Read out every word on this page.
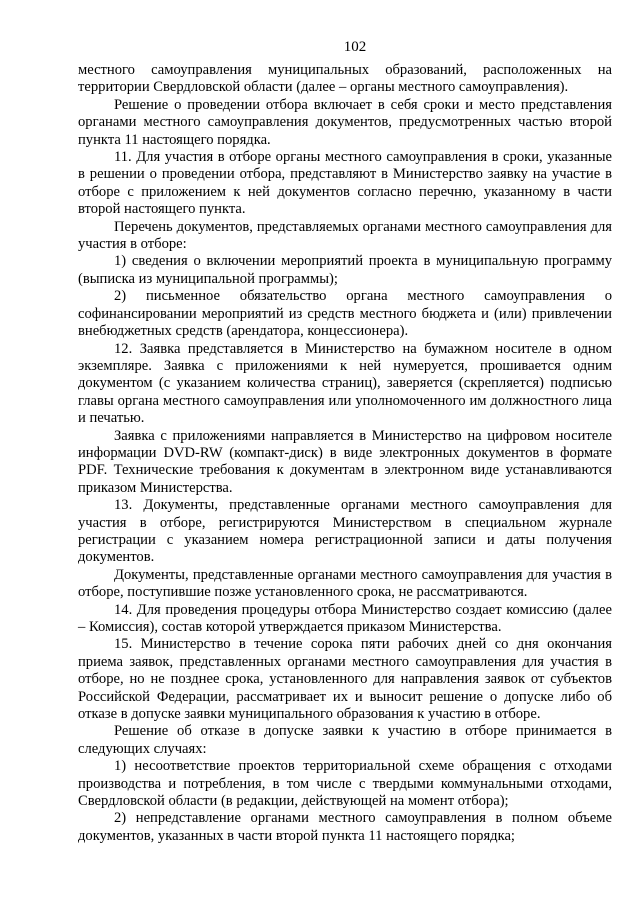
102

местного самоуправления муниципальных образований, расположенных на территории Свердловской области (далее – органы местного самоуправления).

Решение о проведении отбора включает в себя сроки и место представления органами местного самоуправления документов, предусмотренных частью второй пункта 11 настоящего порядка.

11. Для участия в отборе органы местного самоуправления в сроки, указанные в решении о проведении отбора, представляют в Министерство заявку на участие в отборе с приложением к ней документов согласно перечню, указанному в части второй настоящего пункта.

Перечень документов, представляемых органами местного самоуправления для участия в отборе:

1) сведения о включении мероприятий проекта в муниципальную программу (выписка из муниципальной программы);

2) письменное обязательство органа местного самоуправления о софинансировании мероприятий из средств местного бюджета и (или) привлечении внебюджетных средств (арендатора, концессионера).

12. Заявка представляется в Министерство на бумажном носителе в одном экземпляре. Заявка с приложениями к ней нумеруется, прошивается одним документом (с указанием количества страниц), заверяется (скрепляется) подписью главы органа местного самоуправления или уполномоченного им должностного лица и печатью.

Заявка с приложениями направляется в Министерство на цифровом носителе информации DVD-RW (компакт-диск) в виде электронных документов в формате PDF. Технические требования к документам в электронном виде устанавливаются приказом Министерства.

13. Документы, представленные органами местного самоуправления для участия в отборе, регистрируются Министерством в специальном журнале регистрации с указанием номера регистрационной записи и даты получения документов.

Документы, представленные органами местного самоуправления для участия в отборе, поступившие позже установленного срока, не рассматриваются.

14. Для проведения процедуры отбора Министерство создает комиссию (далее – Комиссия), состав которой утверждается приказом Министерства.

15. Министерство в течение сорока пяти рабочих дней со дня окончания приема заявок, представленных органами местного самоуправления для участия в отборе, но не позднее срока, установленного для направления заявок от субъектов Российской Федерации, рассматривает их и выносит решение о допуске либо об отказе в допуске заявки муниципального образования к участию в отборе.

Решение об отказе в допуске заявки к участию в отборе принимается в следующих случаях:

1) несоответствие проектов территориальной схеме обращения с отходами производства и потребления, в том числе с твердыми коммунальными отходами, Свердловской области (в редакции, действующей на момент отбора);

2) непредставление органами местного самоуправления в полном объеме документов, указанных в части второй пункта 11 настоящего порядка;
